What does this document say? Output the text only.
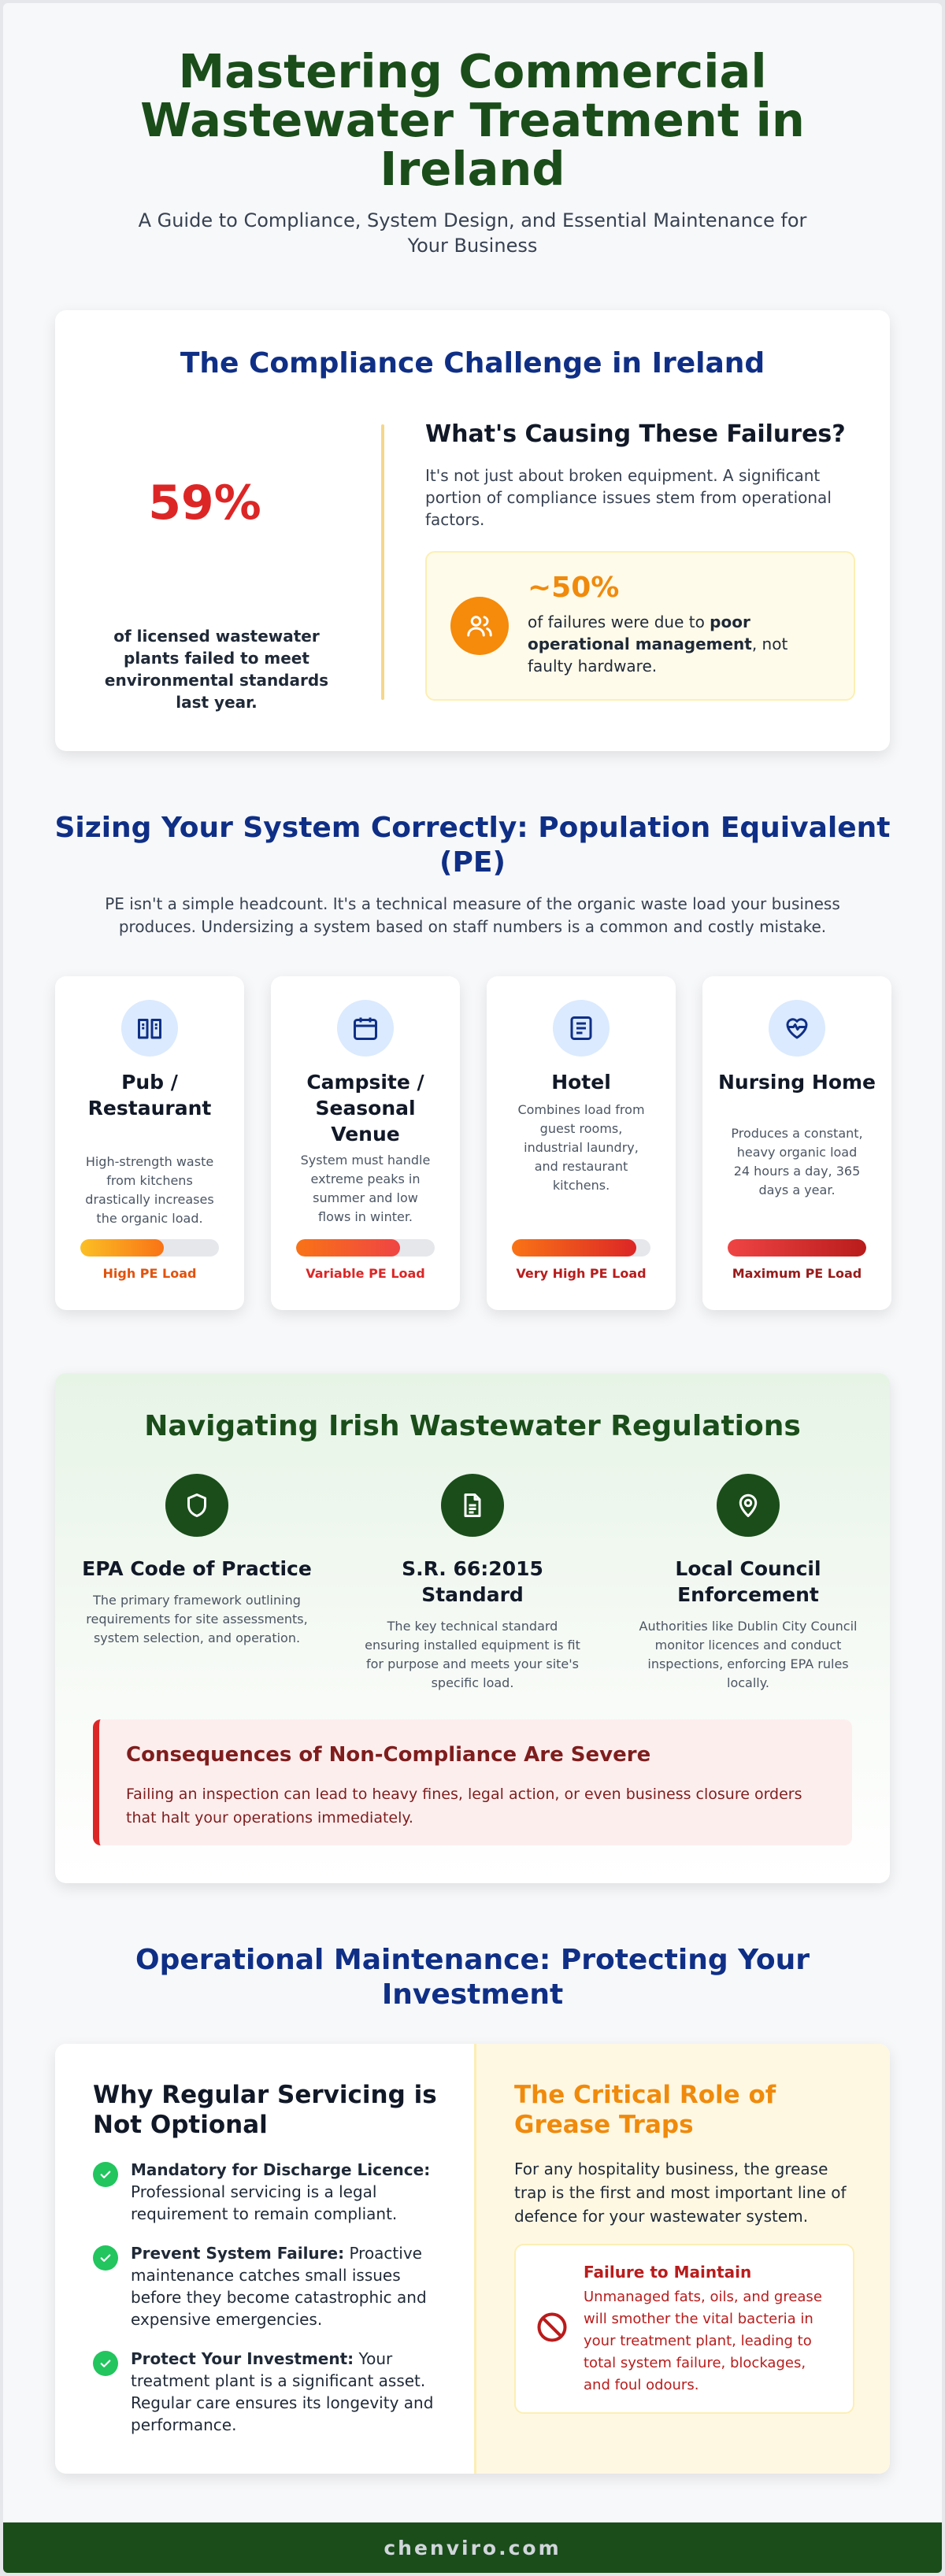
Mastering Commercial Wastewater Treatment in Ireland

A Guide to Compliance, System Design, and Essential Maintenance for Your Business

The Compliance Challenge in Ireland
59%
of licensed wastewater plants failed to meet environmental standards last year.
What's Causing These Failures?

It's not just about broken equipment. A significant portion of compliance issues stem from operational factors.

~50%
of failures were due to poor operational management, not faulty hardware.
Sizing Your System Correctly: Population Equivalent (PE)

PE isn't a simple headcount. It's a technical measure of the organic waste load your business produces. Undersizing a system based on staff numbers is a common and costly mistake.

Pub / Restaurant
High-strength waste from kitchens drastically increases the organic load.
High PE Load
Campsite / Seasonal Venue
System must handle extreme peaks in summer and low flows in winter.
Variable PE Load
Hotel
Combines load from guest rooms, industrial laundry, and restaurant kitchens.
Very High PE Load
Nursing Home
Produces a constant, heavy organic load 24 hours a day, 365 days a year.
Maximum PE Load
Navigating Irish Wastewater Regulations
EPA Code of Practice
The primary framework outlining requirements for site assessments, system selection, and operation.
S.R. 66:2015 Standard
The key technical standard ensuring installed equipment is fit for purpose and meets your site's specific load.
Local Council Enforcement
Authorities like Dublin City Council monitor licences and conduct inspections, enforcing EPA rules locally.
Consequences of Non-Compliance Are Severe
Failing an inspection can lead to heavy fines, legal action, or even business closure orders that halt your operations immediately.
Operational Maintenance: Protecting Your Investment
Why Regular Servicing is Not Optional
Mandatory for Discharge Licence: Professional servicing is a legal requirement to remain compliant.
Prevent System Failure: Proactive maintenance catches small issues before they become catastrophic and expensive emergencies.
Protect Your Investment: Your treatment plant is a significant asset. Regular care ensures its longevity and performance.
The Critical Role of Grease Traps

For any hospitality business, the grease trap is the first and most important line of defence for your wastewater system.

Failure to Maintain
Unmanaged fats, oils, and grease will smother the vital bacteria in your treatment plant, leading to total system failure, blockages, and foul odours.
chenviro.com
